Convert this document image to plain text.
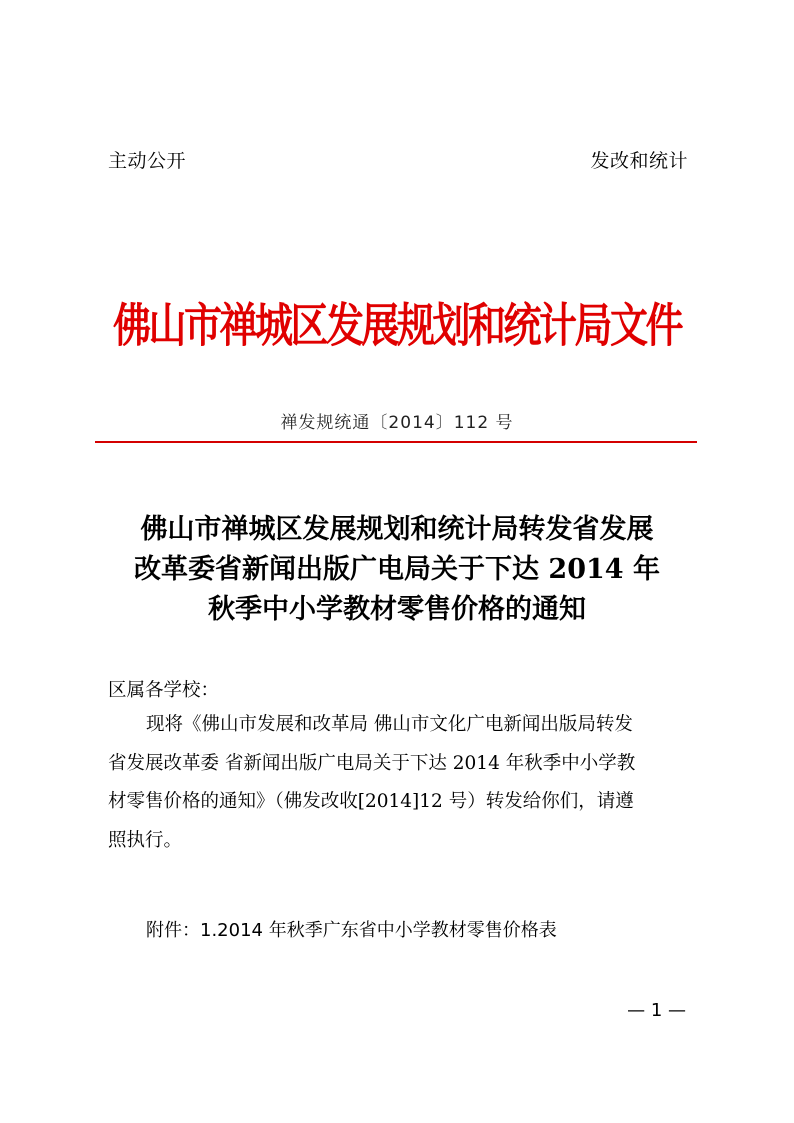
主动公开	发改和统计
佛山市禅城区发展规划和统计局文件
禅发规统通〔2014〕112 号
佛山市禅城区发展规划和统计局转发省发展
改革委省新闻出版广电局关于下达 2014 年
秋季中小学教材零售价格的通知
区属各学校：
现将《佛山市发展和改革局 佛山市文化广电新闻出版局转发
省发展改革委 省新闻出版广电局关于下达 2014 年秋季中小学教
材零售价格的通知》（佛发改收[2014]12 号）转发给你们，请遵
照执行。
附件：1.2014 年秋季广东省中小学教材零售价格表
— 1 —
